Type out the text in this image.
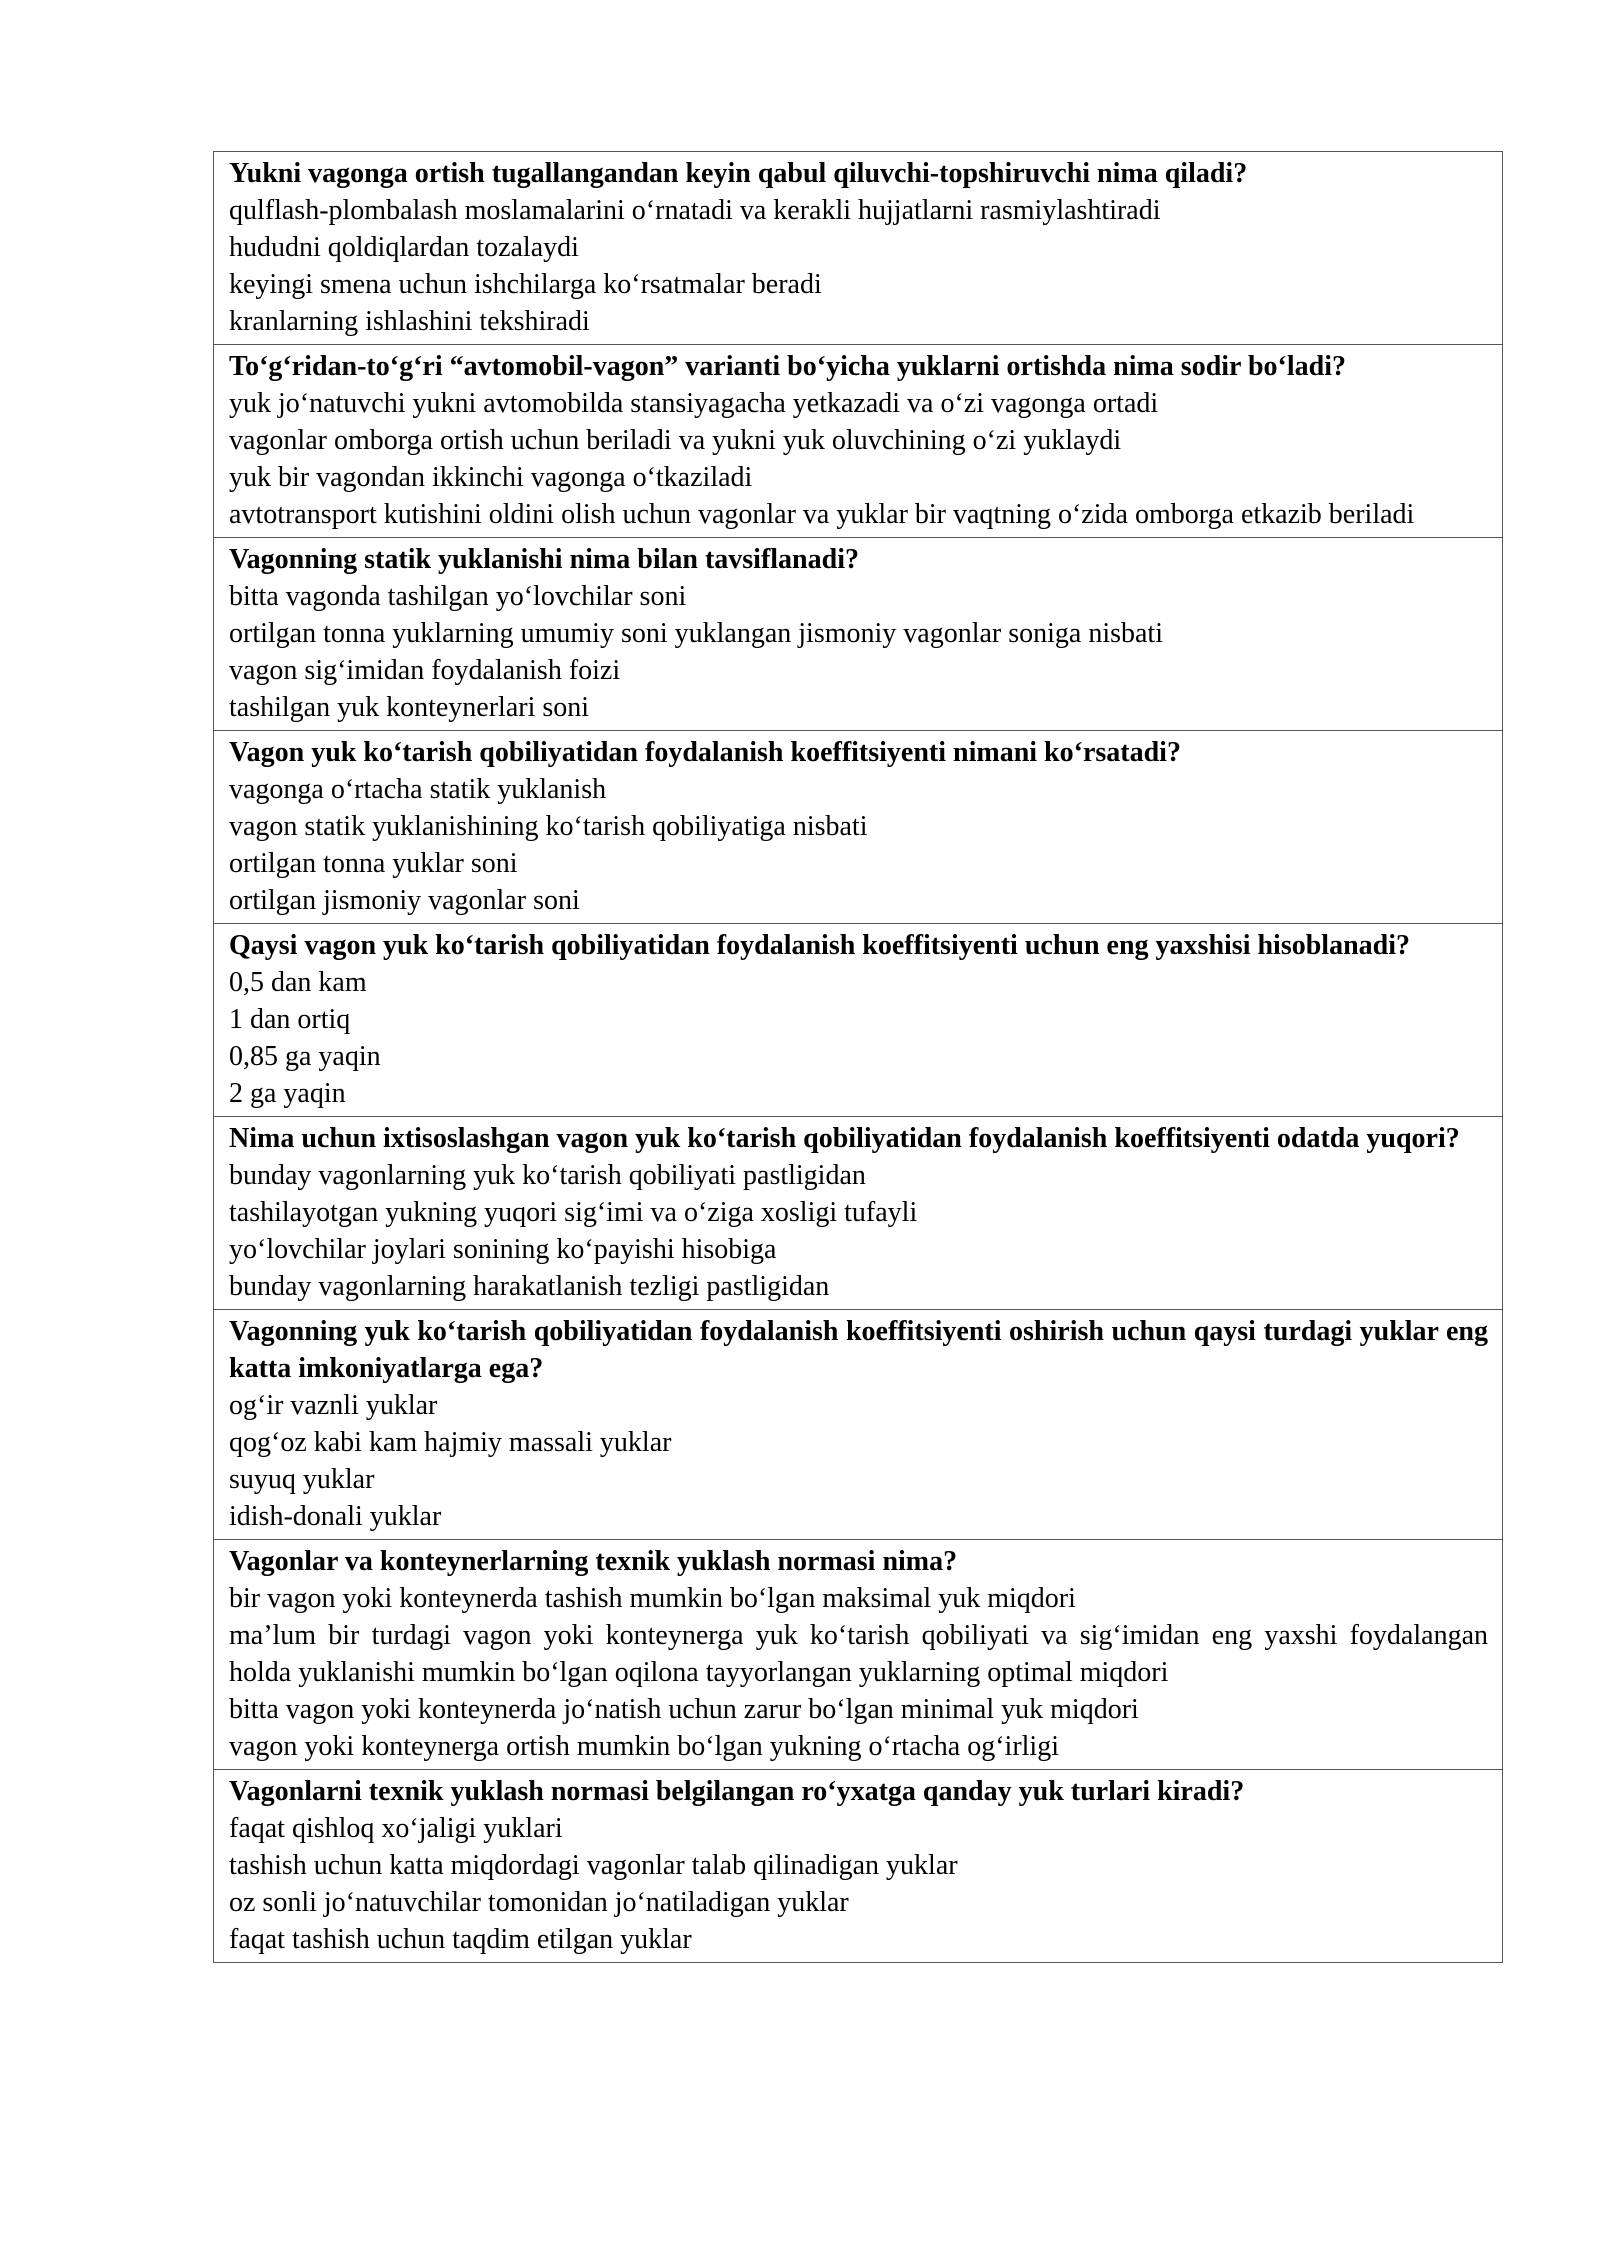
Yukni vagonga ortish tugallangandan keyin qabul qiluvchi-topshiruvchi nima qiladi?
qulflash-plombalash moslamalarini o‘rnatadi va kerakli hujjatlarni rasmiylashtiradi
hududni qoldiqlardan tozalaydi
keyingi smena uchun ishchilarga ko‘rsatmalar beradi
kranlarning ishlashini tekshiradi

To‘g‘ridan-to‘g‘ri “avtomobil-vagon” varianti bo‘yicha yuklarni ortishda nima sodir bo‘ladi?
yuk jo‘natuvchi yukni avtomobilda stansiyagacha yetkazadi va o‘zi vagonga ortadi
vagonlar omborga ortish uchun beriladi va yukni yuk oluvchining o‘zi yuklaydi
yuk bir vagondan ikkinchi vagonga o‘tkaziladi
avtotransport kutishini oldini olish uchun vagonlar va yuklar bir vaqtning o‘zida omborga etkazib beriladi

Vagonning statik yuklanishi nima bilan tavsiflanadi?
bitta vagonda tashilgan yo‘lovchilar soni
ortilgan tonna yuklarning umumiy soni yuklangan jismoniy vagonlar soniga nisbati
vagon sig‘imidan foydalanish foizi
tashilgan yuk konteynerlari soni

Vagon yuk ko‘tarish qobiliyatidan foydalanish koeffitsiyenti nimani ko‘rsatadi?
vagonga o‘rtacha statik yuklanish
vagon statik yuklanishining ko‘tarish qobiliyatiga nisbati
ortilgan tonna yuklar soni
ortilgan jismoniy vagonlar soni

Qaysi vagon yuk ko‘tarish qobiliyatidan foydalanish koeffitsiyenti uchun eng yaxshisi hisoblanadi?
0,5 dan kam
1 dan ortiq
0,85 ga yaqin
2 ga yaqin

Nima uchun ixtisoslashgan vagon yuk ko‘tarish qobiliyatidan foydalanish koeffitsiyenti odatda yuqori?
bunday vagonlarning yuk ko‘tarish qobiliyati pastligidan
tashilayotgan yukning yuqori sig‘imi va o‘ziga xosligi tufayli
yo‘lovchilar joylari sonining ko‘payishi hisobiga
bunday vagonlarning harakatlanish tezligi pastligidan

Vagonning yuk ko‘tarish qobiliyatidan foydalanish koeffitsiyenti oshirish uchun qaysi turdagi yuklar eng katta imkoniyatlarga ega?
og‘ir vaznli yuklar
qog‘oz kabi kam hajmiy massali yuklar
suyuq yuklar
idish-donali yuklar

Vagonlar va konteynerlarning texnik yuklash normasi nima?
bir vagon yoki konteynerda tashish mumkin bo‘lgan maksimal yuk miqdori
ma’lum bir turdagi vagon yoki konteynerga yuk ko‘tarish qobiliyati va sig‘imidan eng yaxshi foydalangan holda yuklanishi mumkin bo‘lgan oqilona tayyorlangan yuklarning optimal miqdori
bitta vagon yoki konteynerda jo‘natish uchun zarur bo‘lgan minimal yuk miqdori
vagon yoki konteynerga ortish mumkin bo‘lgan yukning o‘rtacha og‘irligi

Vagonlarni texnik yuklash normasi belgilangan ro‘yxatga qanday yuk turlari kiradi?
faqat qishloq xo‘jaligi yuklari
tashish uchun katta miqdordagi vagonlar talab qilinadigan yuklar
oz sonli jo‘natuvchilar tomonidan jo‘natiladigan yuklar
faqat tashish uchun taqdim etilgan yuklar
